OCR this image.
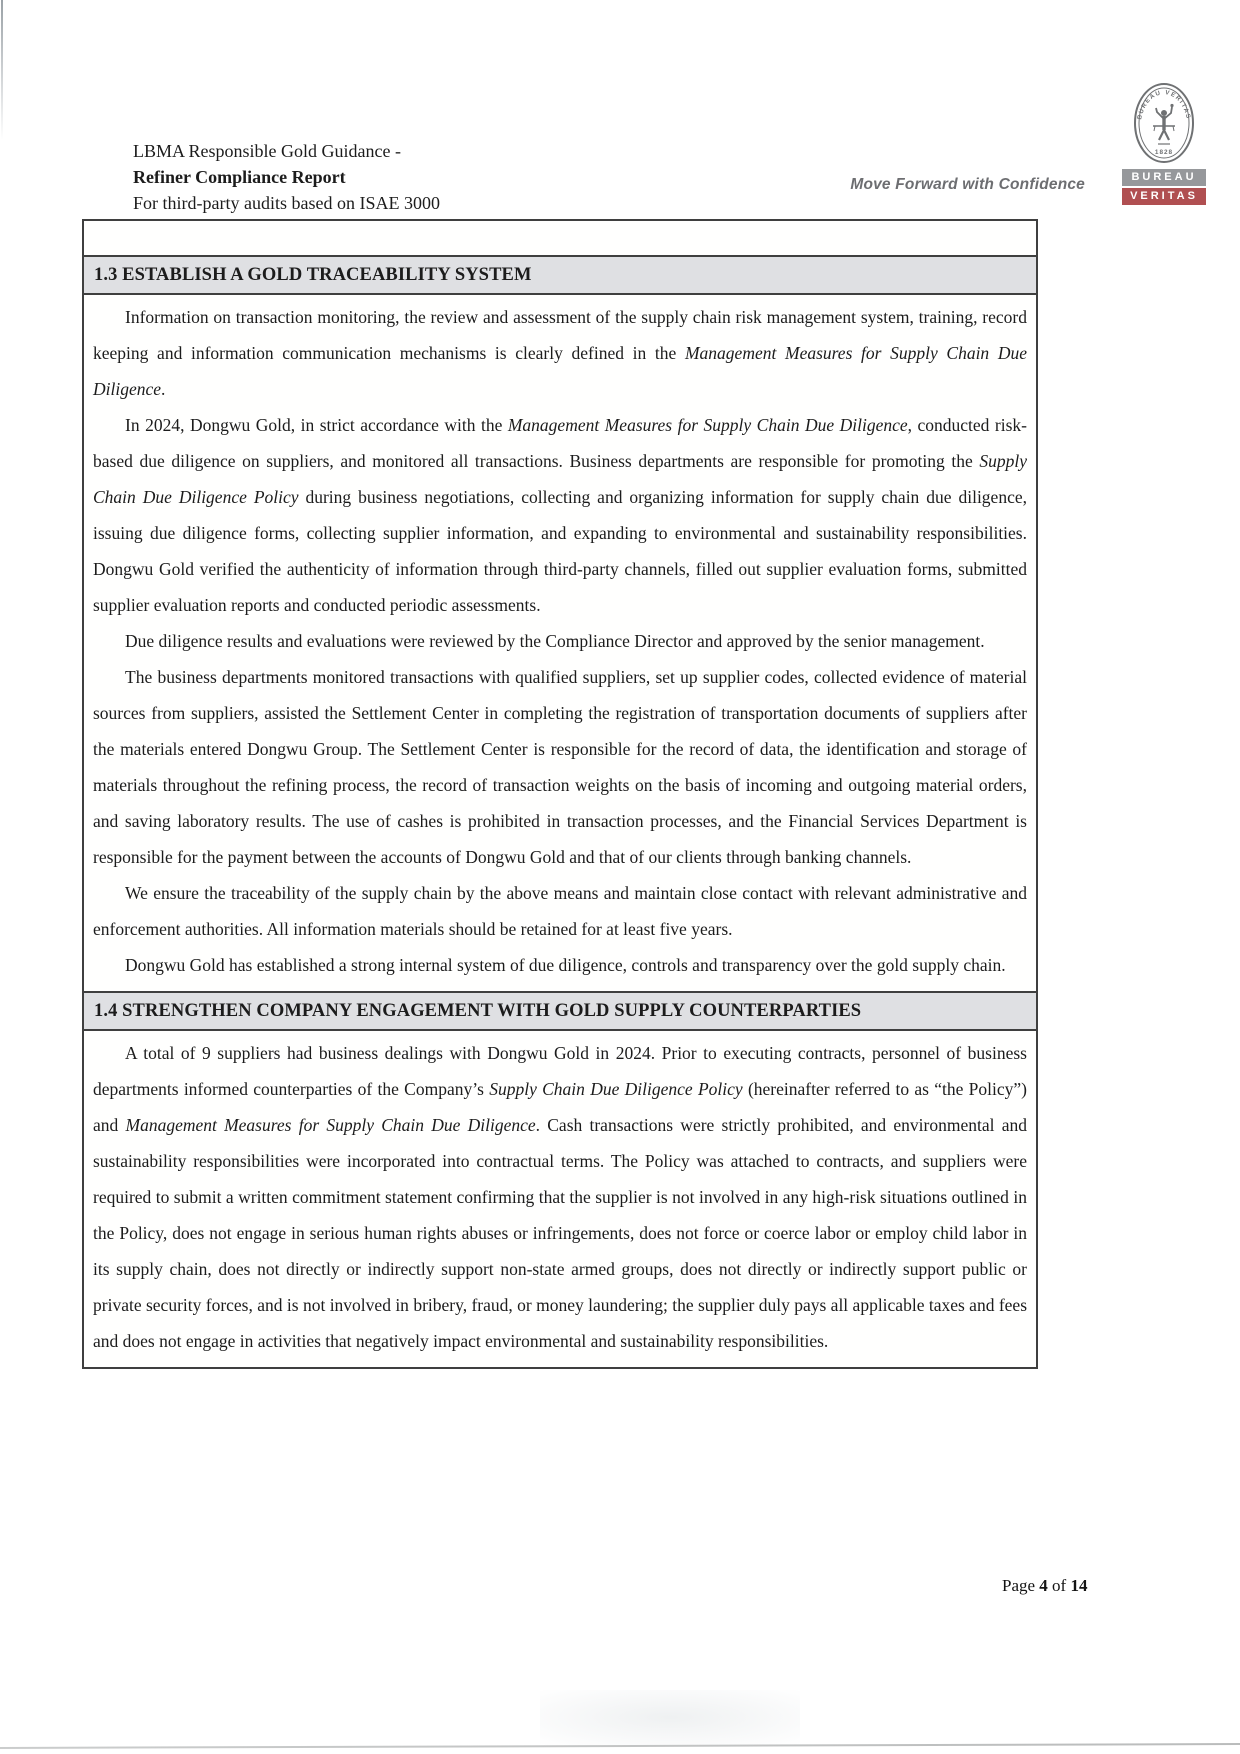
LBMA Responsible Gold Guidance -
Refiner Compliance Report
For third-party audits based on ISAE 3000
Move Forward with Confidence
BUREAU VERITAS
1828
BUREAU
VERITAS
1.3 ESTABLISH A GOLD TRACEABILITY SYSTEM

Information on transaction monitoring, the review and assessment of the supply chain risk management system, training, record keeping and information communication mechanisms is clearly defined in the Management Measures for Supply Chain Due Diligence.

In 2024, Dongwu Gold, in strict accordance with the Management Measures for Supply Chain Due Diligence, conducted risk-based due diligence on suppliers, and monitored all transactions. Business departments are responsible for promoting the Supply Chain Due Diligence Policy during business negotiations, collecting and organizing information for supply chain due diligence, issuing due diligence forms, collecting supplier information, and expanding to environmental and sustainability responsibilities. Dongwu Gold verified the authenticity of information through third-party channels, filled out supplier evaluation forms, submitted supplier evaluation reports and conducted periodic assessments.

Due diligence results and evaluations were reviewed by the Compliance Director and approved by the senior management.

The business departments monitored transactions with qualified suppliers, set up supplier codes, collected evidence of material sources from suppliers, assisted the Settlement Center in completing the registration of transportation documents of suppliers after the materials entered Dongwu Group. The Settlement Center is responsible for the record of data, the identification and storage of materials throughout the refining process, the record of transaction weights on the basis of incoming and outgoing material orders, and saving laboratory results. The use of cashes is prohibited in transaction processes, and the Financial Services Department is responsible for the payment between the accounts of Dongwu Gold and that of our clients through banking channels.

We ensure the traceability of the supply chain by the above means and maintain close contact with relevant administrative and enforcement authorities. All information materials should be retained for at least five years.

Dongwu Gold has established a strong internal system of due diligence, controls and transparency over the gold supply chain.

1.4 STRENGTHEN COMPANY ENGAGEMENT WITH GOLD SUPPLY COUNTERPARTIES

A total of 9 suppliers had business dealings with Dongwu Gold in 2024. Prior to executing contracts, personnel of business departments informed counterparties of the Company’s Supply Chain Due Diligence Policy (hereinafter referred to as “the Policy”) and Management Measures for Supply Chain Due Diligence. Cash transactions were strictly prohibited, and environmental and sustainability responsibilities were incorporated into contractual terms. The Policy was attached to contracts, and suppliers were required to submit a written commitment statement confirming that the supplier is not involved in any high-risk situations outlined in the Policy, does not engage in serious human rights abuses or infringements, does not force or coerce labor or employ child labor in its supply chain, does not directly or indirectly support non-state armed groups, does not directly or indirectly support public or private security forces, and is not involved in bribery, fraud, or money laundering; the supplier duly pays all applicable taxes and fees and does not engage in activities that negatively impact environmental and sustainability responsibilities.

Page 4 of 14
